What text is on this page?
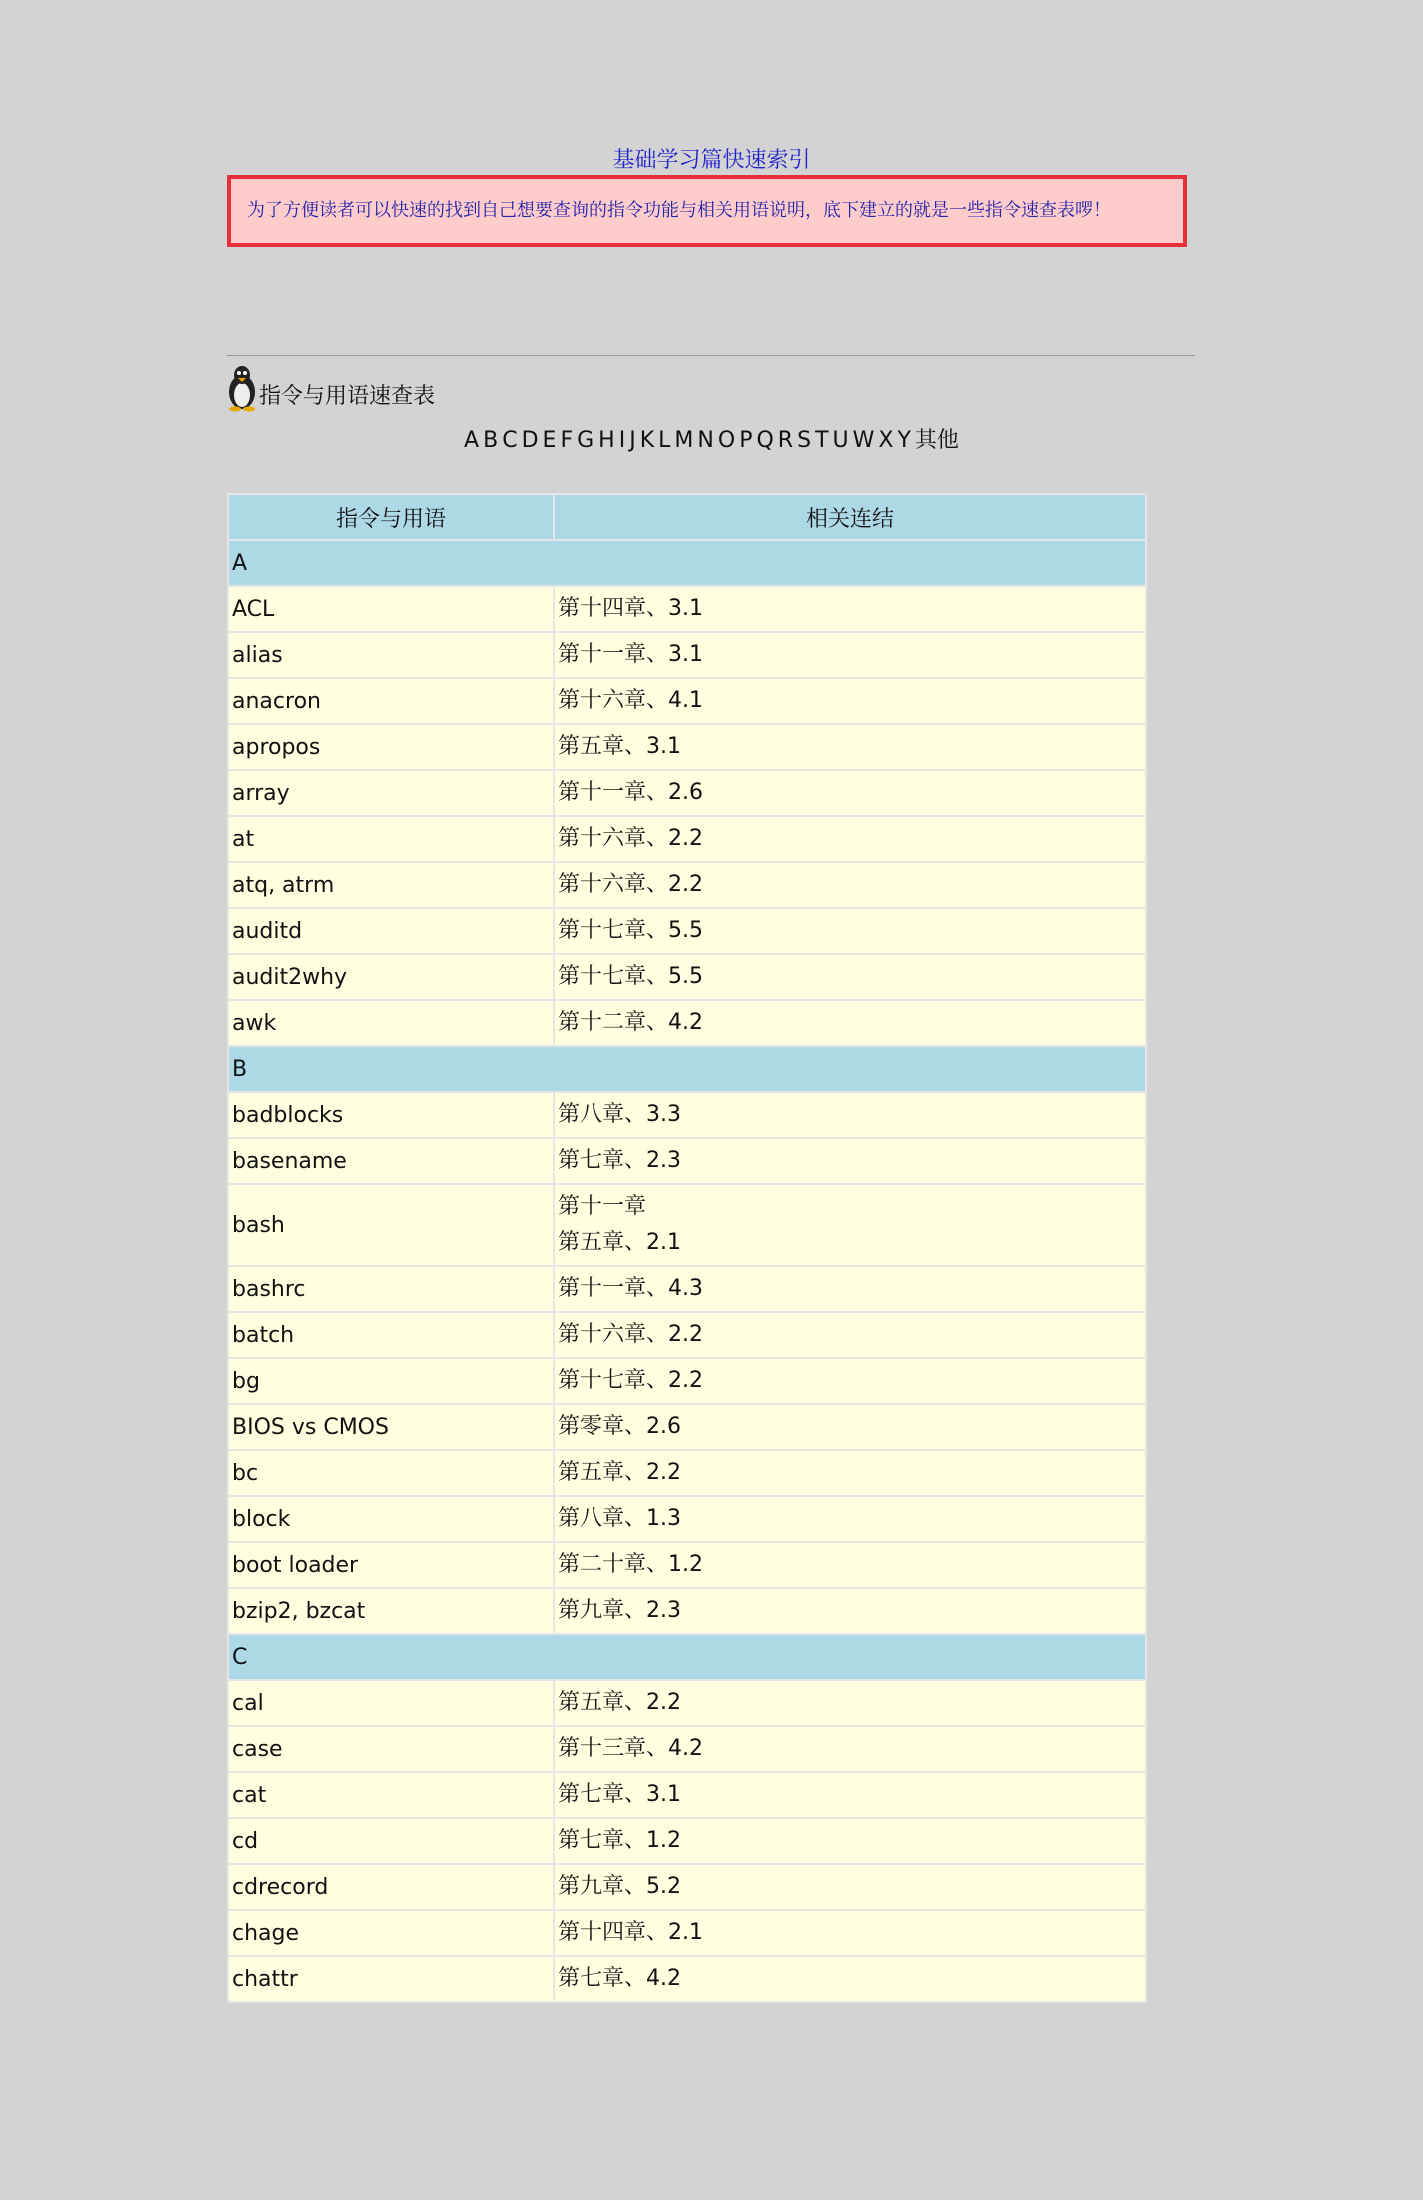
基础学习篇快速索引
为了方便读者可以快速的找到自己想要查询的指令功能与相关用语说明，底下建立的就是一些指令速查表啰！
指令与用语速查表
A B C D E F G H I J K L M N O P Q R S T U W X Y 其他
指令与用语	相关连结
A	
ACL	第十四章、3.1

alias	第十一章、3.1

anacron	第十六章、4.1

apropos	第五章、3.1

array	第十一章、2.6

at	第十六章、2.2

atq, atrm	第十六章、2.2

auditd	第十七章、5.5

audit2why	第十七章、5.5

awk	第十二章、4.2

B	
badblocks	第八章、3.3

basename	第七章、2.3

bash	第十一章
第五章、2.1

bashrc	第十一章、4.3

batch	第十六章、2.2

bg	第十七章、2.2

BIOS vs CMOS	第零章、2.6

bc	第五章、2.2

block	第八章、1.3

boot loader	第二十章、1.2

bzip2, bzcat	第九章、2.3

C	
cal	第五章、2.2

case	第十三章、4.2

cat	第七章、3.1

cd	第七章、1.2

cdrecord	第九章、5.2

chage	第十四章、2.1

chattr	第七章、4.2
